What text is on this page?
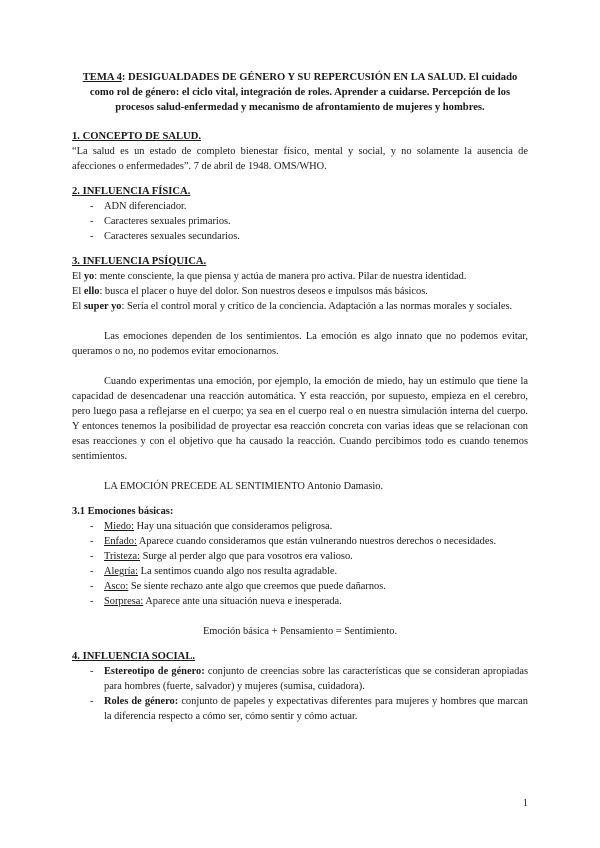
TEMA 4: DESIGUALDADES DE GÉNERO Y SU REPERCUSIÓN EN LA SALUD. El cuidado como rol de género: el ciclo vital, integración de roles. Aprender a cuidarse. Percepción de los procesos salud-enfermedad y mecanismo de afrontamiento de mujeres y hombres.
1. CONCEPTO DE SALUD.

“La salud es un estado de completo bienestar físico, mental y social, y no solamente la ausencia de afecciones o enfermedades”. 7 de abril de 1948. OMS/WHO.

2. INFLUENCIA FÍSICA.
- ADN diferenciador.
- Caracteres sexuales primarios.
- Caracteres sexuales secundarios.
3. INFLUENCIA PSÍQUICA.

El yo: mente consciente, la que piensa y actúa de manera pro activa. Pilar de nuestra identidad.

El ello: busca el placer o huye del dolor. Son nuestros deseos e impulsos más básicos.

El super yo: Sería el control moral y crítico de la conciencia. Adaptación a las normas morales y sociales.

Las emociones dependen de los sentimientos. La emoción es algo innato que no podemos evitar, queramos o no, no podemos evitar emocionarnos.

Cuando experimentas una emoción, por ejemplo, la emoción de miedo, hay un estímulo que tiene la capacidad de desencadenar una reacción automática. Y esta reacción, por supuesto, empieza en el cerebro, pero luego pasa a reflejarse en el cuerpo; ya sea en el cuerpo real o en nuestra simulación interna del cuerpo. Y entonces tenemos la posibilidad de proyectar esa reacción concreta con varias ideas que se relacionan con esas reacciones y con el objetivo que ha causado la reacción. Cuando percibimos todo es cuando tenemos sentimientos.

LA EMOCIÓN PRECEDE AL SENTIMIENTO Antonio Damasio.

3.1 Emociones básicas:
- Miedo: Hay una situación que consideramos peligrosa.
- Enfado: Aparece cuando consideramos que están vulnerando nuestros derechos o necesidades.
- Tristeza: Surge al perder algo que para vosotros era valioso.
- Alegría: La sentimos cuando algo nos resulta agradable.
- Asco: Se siente rechazo ante algo que creemos que puede dañarnos.
- Sorpresa: Aparece ante una situación nueva e inesperada.

Emoción básica + Pensamiento = Sentimiento.

4. INFLUENCIA SOCIAL.
- Estereotipo de género: conjunto de creencias sobre las características que se consideran apropiadas para hombres (fuerte, salvador) y mujeres (sumisa, cuidadora).
- Roles de género: conjunto de papeles y expectativas diferentes para mujeres y hombres que marcan la diferencia respecto a cómo ser, cómo sentir y cómo actuar.
1
